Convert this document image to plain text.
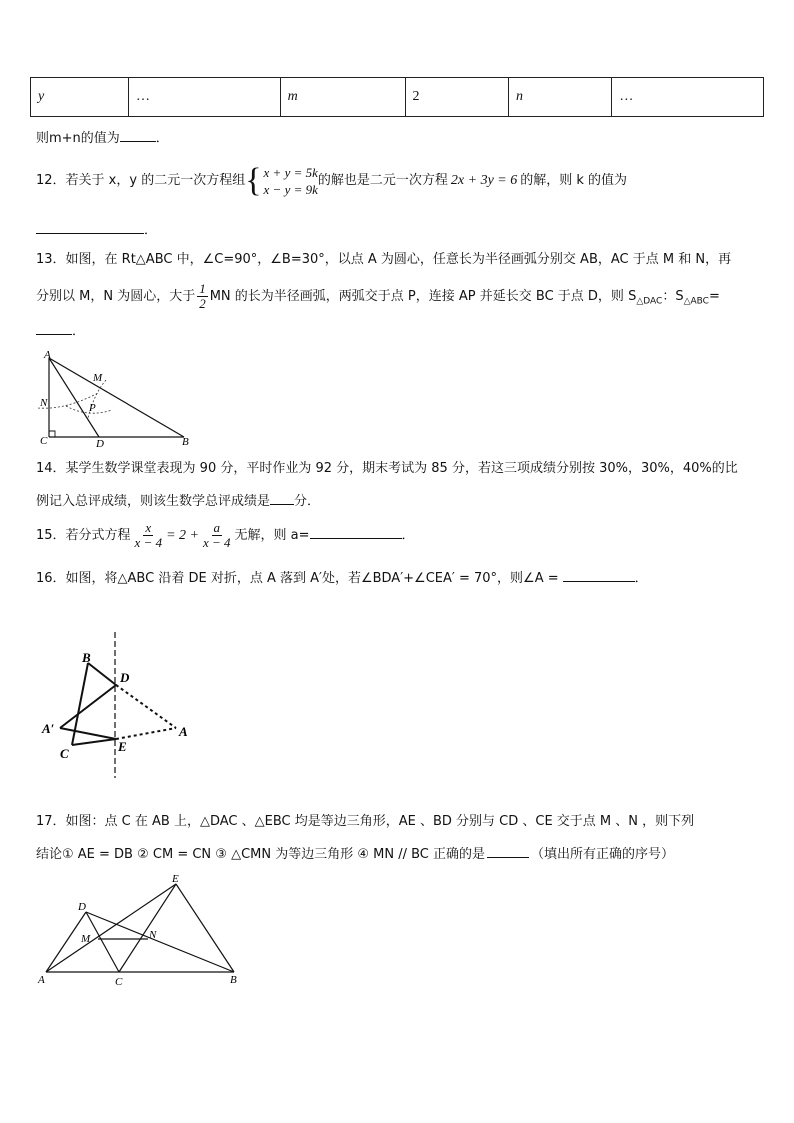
y	…	m	2	n	…
则m+n的值为	．
12．若关于 x，y 的二元一次方程组 { x + y = 5k
x − y = 9k
的解也是二元一次方程 2x + 3y = 6 的解，则 k 的值为
．
13．如图，在 Rt△ABC 中，∠C=90°，∠B=30°，以点 A 为圆心，任意长为半径画弧分别交 AB，AC 于点 M 和 N，再
分别以 M，N 为圆心，大于 $\frac{1}{2}$ MN 的长为半径画弧，两弧交于点 P，连接 AP 并延长交 BC 于点 D，则 $S_{\triangle DAC}$：$S_{\triangle ABC}=$
．
A
M
N	P
C	D	B
14．某学生数学课堂表现为 90 分，平时作业为 92 分，期末考试为 85 分，若这三项成绩分别按 30%，30%，40%的比
例记入总评成绩，则该生数学总评成绩是 分．
15．若分式方程 $\frac{x}{x - 4} = 2 + \frac{a}{x - 4}$ 无解，则 a=	．
16．如图，将△ABC 沿着 DE 对折，点 A 落到 A′处，若∠BDA′+∠CEA′ = 70°，则∠A =	．
B
D
A′
E
A
C
17．如图：点 C 在 AB 上，△DAC 、△EBC 均是等边三角形，AE 、BD 分别与 CD 、CE 交于点 M 、N ，则下列
结论① AE = DB ② CM = CN ③ △CMN 为等边三角形 ④ MN // BC 正确的是	（填出所有正确的序号）
E
D
M	N
A	C	B
